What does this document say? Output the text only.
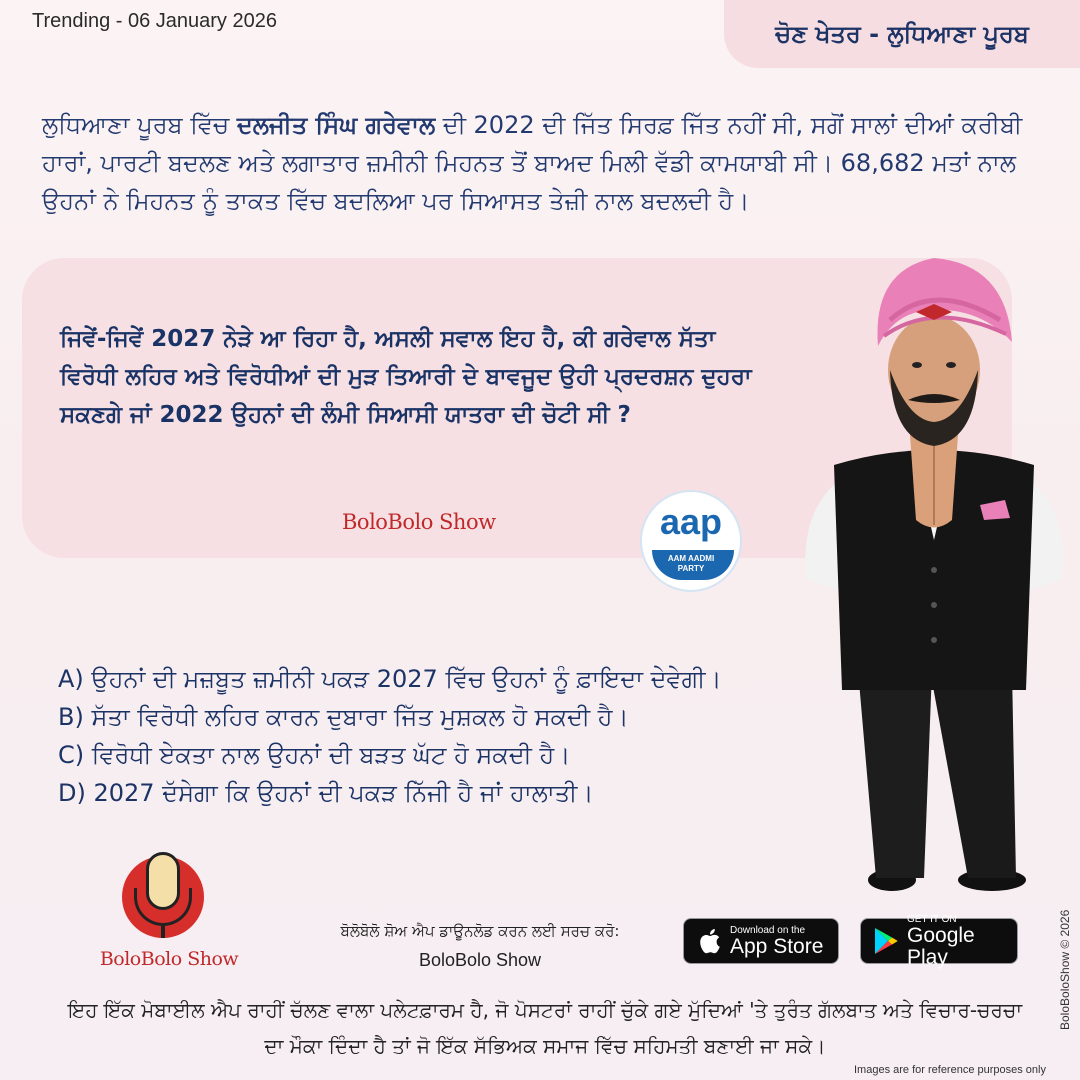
Trending - 06 January 2026	ਚੋਣ ਖੇਤਰ - ਲੁਧਿਆਣਾ ਪੂਰਬ
ਲੁਧਿਆਣਾ ਪੂਰਬ ਵਿੱਚ ਦਲਜੀਤ ਸਿੰਘ ਗਰੇਵਾਲ ਦੀ 2022 ਦੀ ਜਿੱਤ ਸਿਰਫ਼ ਜਿੱਤ ਨਹੀਂ ਸੀ, ਸਗੋਂ ਸਾਲਾਂ ਦੀਆਂ ਕਰੀਬੀ ਹਾਰਾਂ, ਪਾਰਟੀ ਬਦਲਣ ਅਤੇ ਲਗਾਤਾਰ ਜ਼ਮੀਨੀ ਮਿਹਨਤ ਤੋਂ ਬਾਅਦ ਮਿਲੀ ਵੱਡੀ ਕਾਮਯਾਬੀ ਸੀ। 68,682 ਮਤਾਂ ਨਾਲ ਉਹਨਾਂ ਨੇ ਮਿਹਨਤ ਨੂੰ ਤਾਕਤ ਵਿੱਚ ਬਦਲਿਆ ਪਰ ਸਿਆਸਤ ਤੇਜ਼ੀ ਨਾਲ ਬਦਲਦੀ ਹੈ।
ਜਿਵੇਂ-ਜਿਵੇਂ 2027 ਨੇੜੇ ਆ ਰਿਹਾ ਹੈ, ਅਸਲੀ ਸਵਾਲ ਇਹ ਹੈ, ਕੀ ਗਰੇਵਾਲ ਸੱਤਾ ਵਿਰੋਧੀ ਲਹਿਰ ਅਤੇ ਵਿਰੋਧੀਆਂ ਦੀ ਮੁੜ ਤਿਆਰੀ ਦੇ ਬਾਵਜੂਦ ਉਹੀ ਪ੍ਰਦਰਸ਼ਨ ਦੁਹਰਾ ਸਕਣਗੇ ਜਾਂ 2022 ਉਹਨਾਂ ਦੀ ਲੰਮੀ ਸਿਆਸੀ ਯਾਤਰਾ ਦੀ ਚੋਟੀ ਸੀ ?
BoloBolo Show	aap
AAM AADMI
PARTY
A) ਉਹਨਾਂ ਦੀ ਮਜ਼ਬੂਤ ਜ਼ਮੀਨੀ ਪਕੜ 2027 ਵਿੱਚ ਉਹਨਾਂ ਨੂੰ ਫ਼ਾਇਦਾ ਦੇਵੇਗੀ।
B) ਸੱਤਾ ਵਿਰੋਧੀ ਲਹਿਰ ਕਾਰਨ ਦੁਬਾਰਾ ਜਿੱਤ ਮੁਸ਼ਕਲ ਹੋ ਸਕਦੀ ਹੈ।
C) ਵਿਰੋਧੀ ਏਕਤਾ ਨਾਲ ਉਹਨਾਂ ਦੀ ਬੜਤ ਘੱਟ ਹੋ ਸਕਦੀ ਹੈ।
D) 2027 ਦੱਸੇਗਾ ਕਿ ਉਹਨਾਂ ਦੀ ਪਕੜ ਨਿੱਜੀ ਹੈ ਜਾਂ ਹਾਲਾਤੀ।
BoloBolo Show
ਬੋਲੋਬੋਲੋ ਸ਼ੋਅ ਐਪ ਡਾਊਨਲੋਡ ਕਰਨ ਲਈ ਸਰਚ ਕਰੋ:
BoloBolo Show
Download on the
App Store
GET IT ON
Google Play
ਇਹ ਇੱਕ ਮੋਬਾਈਲ ਐਪ ਰਾਹੀਂ ਚੱਲਣ ਵਾਲਾ ਪਲੇਟਫ਼ਾਰਮ ਹੈ, ਜੋ ਪੋਸਟਰਾਂ ਰਾਹੀਂ ਚੁੱਕੇ ਗਏ ਮੁੱਦਿਆਂ 'ਤੇ ਤੁਰੰਤ ਗੱਲਬਾਤ ਅਤੇ ਵਿਚਾਰ-ਚਰਚਾ ਦਾ ਮੌਕਾ ਦਿੰਦਾ ਹੈ ਤਾਂ ਜੋ ਇੱਕ ਸੱਭਿਅਕ ਸਮਾਜ ਵਿੱਚ ਸਹਿਮਤੀ ਬਣਾਈ ਜਾ ਸਕੇ।
BoloBoloShow © 2026
Images are for reference purposes only
